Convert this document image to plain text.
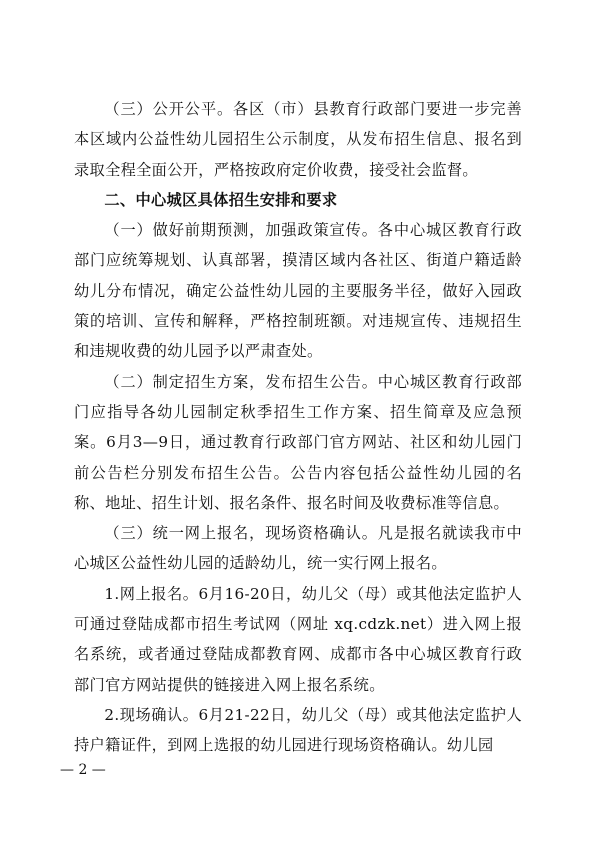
（三）公开公平。各区（市）县教育行政部门要进一步完善本区域内公益性幼儿园招生公示制度，从发布招生信息、报名到录取全程全面公开，严格按政府定价收费，接受社会监督。

二、中心城区具体招生安排和要求

（一）做好前期预测，加强政策宣传。各中心城区教育行政部门应统筹规划、认真部署，摸清区域内各社区、街道户籍适龄幼儿分布情况，确定公益性幼儿园的主要服务半径，做好入园政策的培训、宣传和解释，严格控制班额。对违规宣传、违规招生和违规收费的幼儿园予以严肃查处。

（二）制定招生方案，发布招生公告。中心城区教育行政部门应指导各幼儿园制定秋季招生工作方案、招生简章及应急预案。6月3—9日，通过教育行政部门官方网站、社区和幼儿园门前公告栏分别发布招生公告。公告内容包括公益性幼儿园的名称、地址、招生计划、报名条件、报名时间及收费标准等信息。

（三）统一网上报名，现场资格确认。凡是报名就读我市中心城区公益性幼儿园的适龄幼儿，统一实行网上报名。

1.网上报名。6月16-20日，幼儿父（母）或其他法定监护人可通过登陆成都市招生考试网（网址 xq.cdzk.net）进入网上报名系统，或者通过登陆成都教育网、成都市各中心城区教育行政部门官方网站提供的链接进入网上报名系统。

2.现场确认。6月21-22日，幼儿父（母）或其他法定监护人持户籍证件，到网上选报的幼儿园进行现场资格确认。幼儿园

— 2 —
